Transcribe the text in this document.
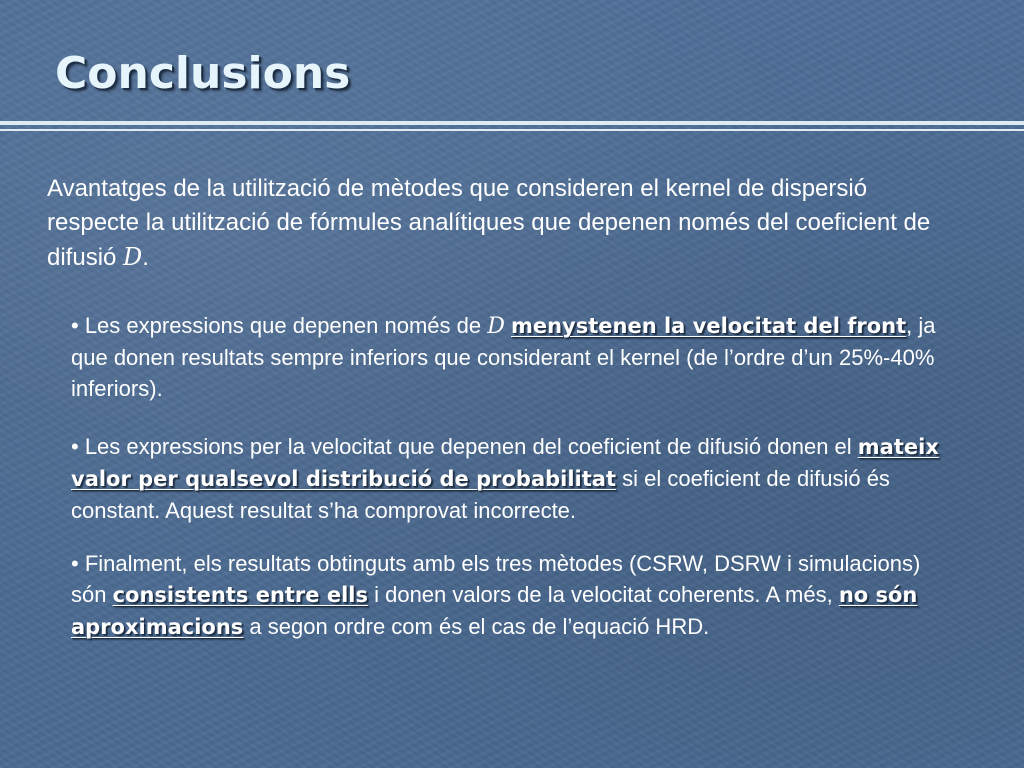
Conclusions
Avantatges de la utilització de mètodes que consideren el kernel de dispersió respecte la utilització de fórmules analítiques que depenen només del coeficient de difusió D.
• Les expressions que depenen només de D menystenen la velocitat del front, ja que donen resultats sempre inferiors que considerant el kernel (de l’ordre d’un 25%-40% inferiors).
• Les expressions per la velocitat que depenen del coeficient de difusió donen el mateix valor per qualsevol distribució de probabilitat si el coeficient de difusió és constant. Aquest resultat s’ha comprovat incorrecte.
• Finalment, els resultats obtinguts amb els tres mètodes (CSRW, DSRW i simulacions) són consistents entre ells i donen valors de la velocitat coherents. A més, no són aproximacions a segon ordre com és el cas de l’equació HRD.
